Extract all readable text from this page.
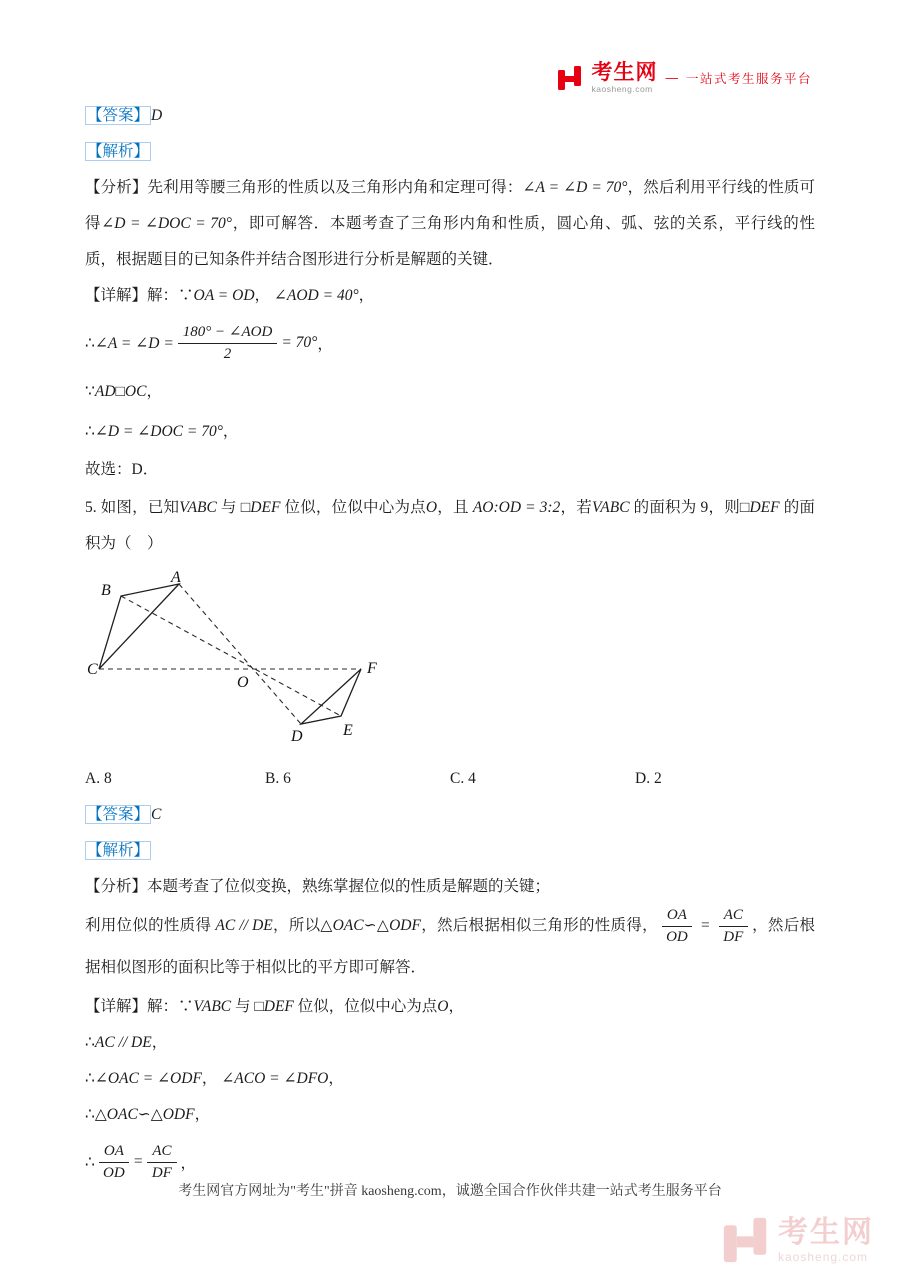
考生网
kaosheng.com
— 一站式考生服务平台

【答案】 D

【解析】

【分析】先利用等腰三角形的性质以及三角形内角和定理可得：∠A = ∠D = 70°，然后利用平行线的性质可得∠D = ∠DOC = 70°，即可解答．本题考查了三角形内角和性质，圆心角、弧、弦的关系，平行线的性质，根据题目的已知条件并结合图形进行分析是解题的关键．

【详解】解：∵OA = OD， ∠AOD = 40°，

∴ ∠A = ∠D = $\frac{\text{180° − ∠AOD}}{2} = 70^\circ$ ，

∵AD□OC，

∴∠D = ∠DOC = 70°，

故选：D．

5. 如图，已知VABC 与 □DEF 位似，位似中心为点O，且 AO:OD = 3:2，若VABC 的面积为 9，则□DEF 的面积为（　）

A
B
C
O
F
D	E
A. 8	B. 6	C. 4	D. 2

【答案】 C

【解析】

【分析】本题考查了位似变换，熟练掌握位似的性质是解题的关键；

利用位似的性质得 AC // DE，所以△OAC∽△ODF，然后根据相似三角形的性质得， $\frac{OA}{OD} = \frac{AC}{DF}$ ，然后根据相似图形的面积比等于相似比的平方即可解答．

【详解】解：∵VABC 与 □DEF 位似，位似中心为点O，

∴AC // DE，

∴∠OAC = ∠ODF， ∠ACO = ∠DFO，

∴△OAC∽△ODF，

∴ $\frac{OA}{OD} = \frac{AC}{DF}$ ，
考生网官方网址为"考生"拼音 kaosheng.com，诚邀全国合作伙伴共建一站式考生服务平台
考生网
kaosheng.com
